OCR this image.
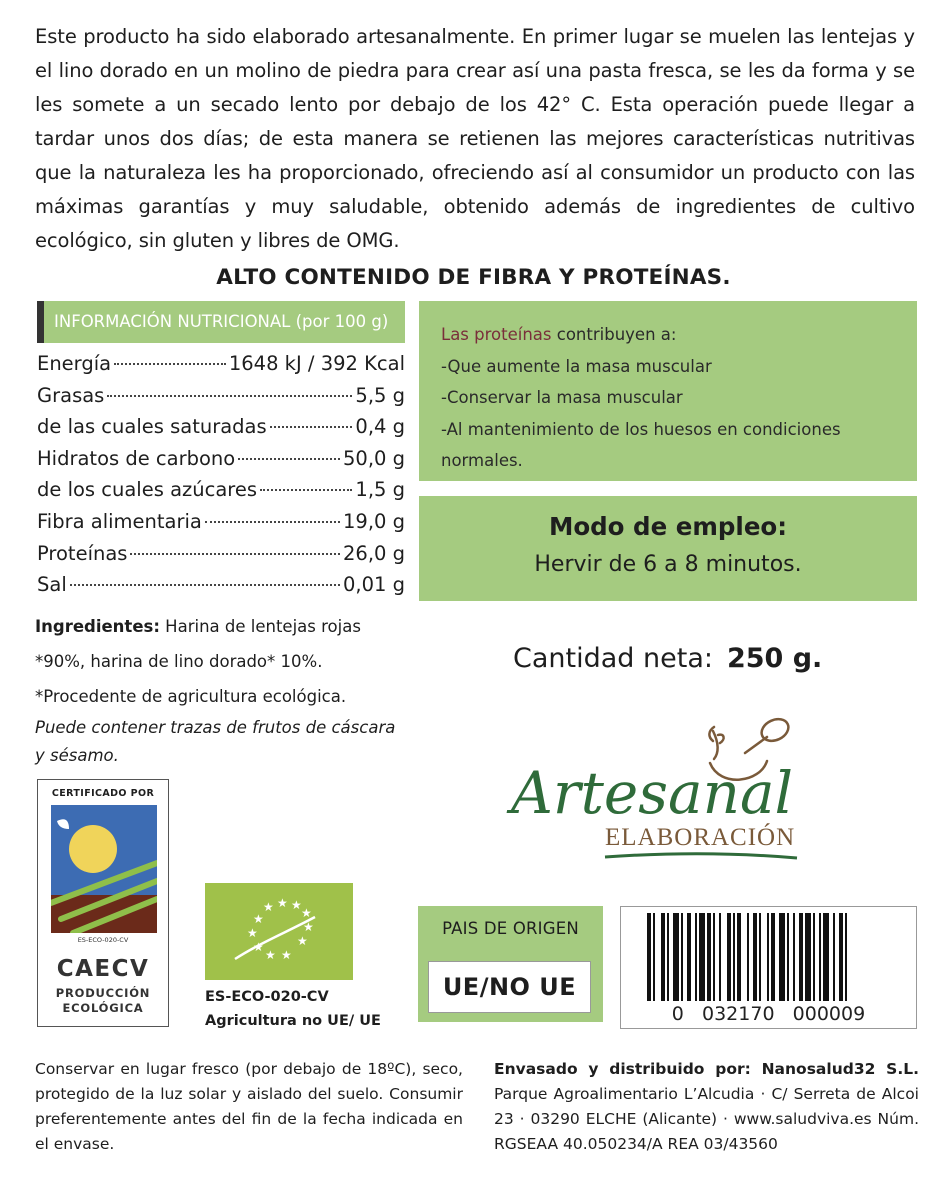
Este producto ha sido elaborado artesanalmente. En primer lugar se muelen las lentejas y el lino dorado en un molino de piedra para crear así una pasta fresca, se les da forma y se les somete a un secado lento por debajo de los 42° C. Esta operación puede llegar a tardar unos dos días; de esta manera se retienen las mejores características nutritivas que la naturaleza les ha proporcionado, ofreciendo así al consumidor un producto con las máximas garantías y muy saludable, obtenido además de ingredientes de cultivo ecológico, sin gluten y libres de OMG.
ALTO CONTENIDO DE FIBRA Y PROTEÍNAS.
INFORMACIÓN NUTRICIONAL (por 100 g)
Energía	1648 kJ / 392 Kcal
Grasas	5,5 g
de las cuales saturadas	0,4 g
Hidratos de carbono	50,0 g
de los cuales azúcares	1,5 g
Fibra alimentaria	19,0 g
Proteínas	26,0 g
Sal	0,01 g
Las proteínas contribuyen a:
-Que aumente la masa muscular
-Conservar la masa muscular
-Al mantenimiento de los huesos en condiciones normales.
Modo de empleo:
Hervir de 6 a 8 minutos.
Ingredientes: Harina de lentejas rojas *90%, harina de lino dorado* 10%.
*Procedente de agricultura ecológica.
Puede contener trazas de frutos de cáscara y sésamo.
Cantidad neta: 250 g.
Artesanal
ELABORACIÓN
CERTIFICADO POR
ES-ECO-020-CV
CAECV
PRODUCCIÓN
ECOLÓGICA
★ ★ ★
★	★
★	★
★	★
★ ★
ES-ECO-020-CV
Agricultura no UE/ UE
PAIS DE ORIGEN
UE/NO UE
0   032170   000009
Conservar en lugar fresco (por debajo de 18ºC), seco, protegido de la luz solar y aislado del suelo. Consumir preferentemente antes del fin de la fecha indicada en el envase.
Envasado y distribuido por: Nanosalud32 S.L. Parque Agroalimentario L’Alcudia · C/ Serreta de Alcoi 23 · 03290 ELCHE (Alicante) · www.saludviva.es Núm. RGSEAA 40.050234/A REA 03/43560
